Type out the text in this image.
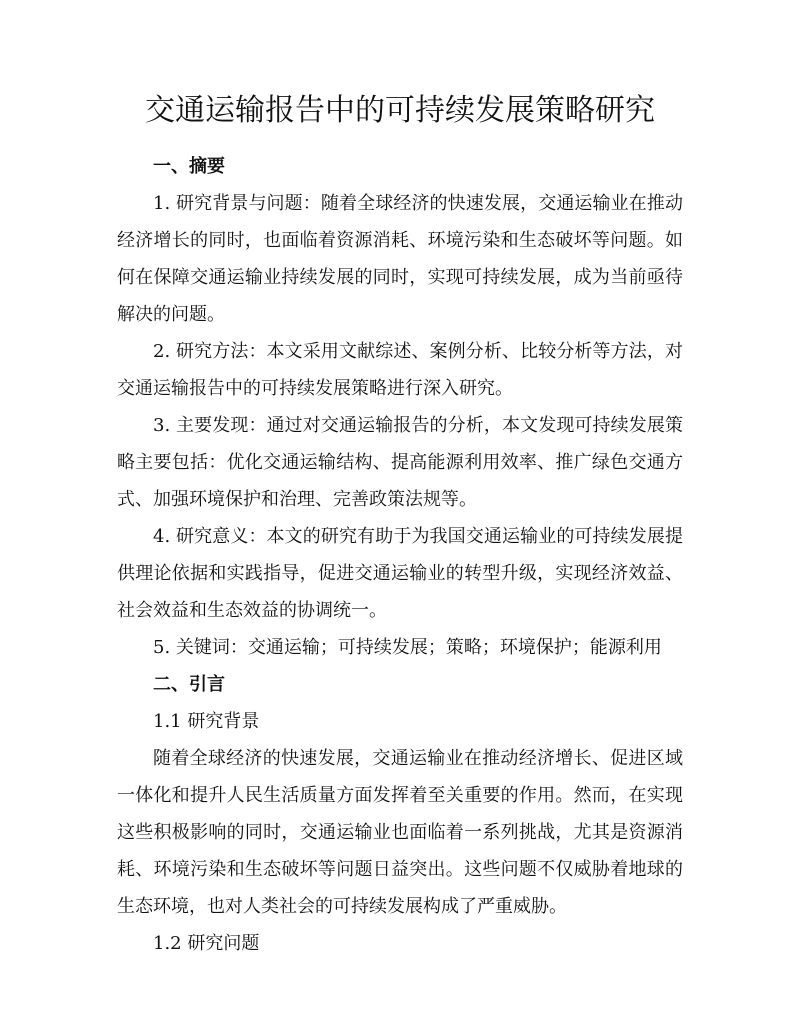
交通运输报告中的可持续发展策略研究
一、摘要

1. 研究背景与问题：随着全球经济的快速发展，交通运输业在推动经济增长的同时，也面临着资源消耗、环境污染和生态破坏等问题。如何在保障交通运输业持续发展的同时，实现可持续发展，成为当前亟待解决的问题。

2. 研究方法：本文采用文献综述、案例分析、比较分析等方法，对交通运输报告中的可持续发展策略进行深入研究。

3. 主要发现：通过对交通运输报告的分析，本文发现可持续发展策略主要包括：优化交通运输结构、提高能源利用效率、推广绿色交通方式、加强环境保护和治理、完善政策法规等。

4. 研究意义：本文的研究有助于为我国交通运输业的可持续发展提供理论依据和实践指导，促进交通运输业的转型升级，实现经济效益、社会效益和生态效益的协调统一。

5. 关键词：交通运输；可持续发展；策略；环境保护；能源利用

二、引言
1.1 研究背景

随着全球经济的快速发展，交通运输业在推动经济增长、促进区域一体化和提升人民生活质量方面发挥着至关重要的作用。然而，在实现这些积极影响的同时，交通运输业也面临着一系列挑战，尤其是资源消耗、环境污染和生态破坏等问题日益突出。这些问题不仅威胁着地球的生态环境，也对人类社会的可持续发展构成了严重威胁。

1.2 研究问题
